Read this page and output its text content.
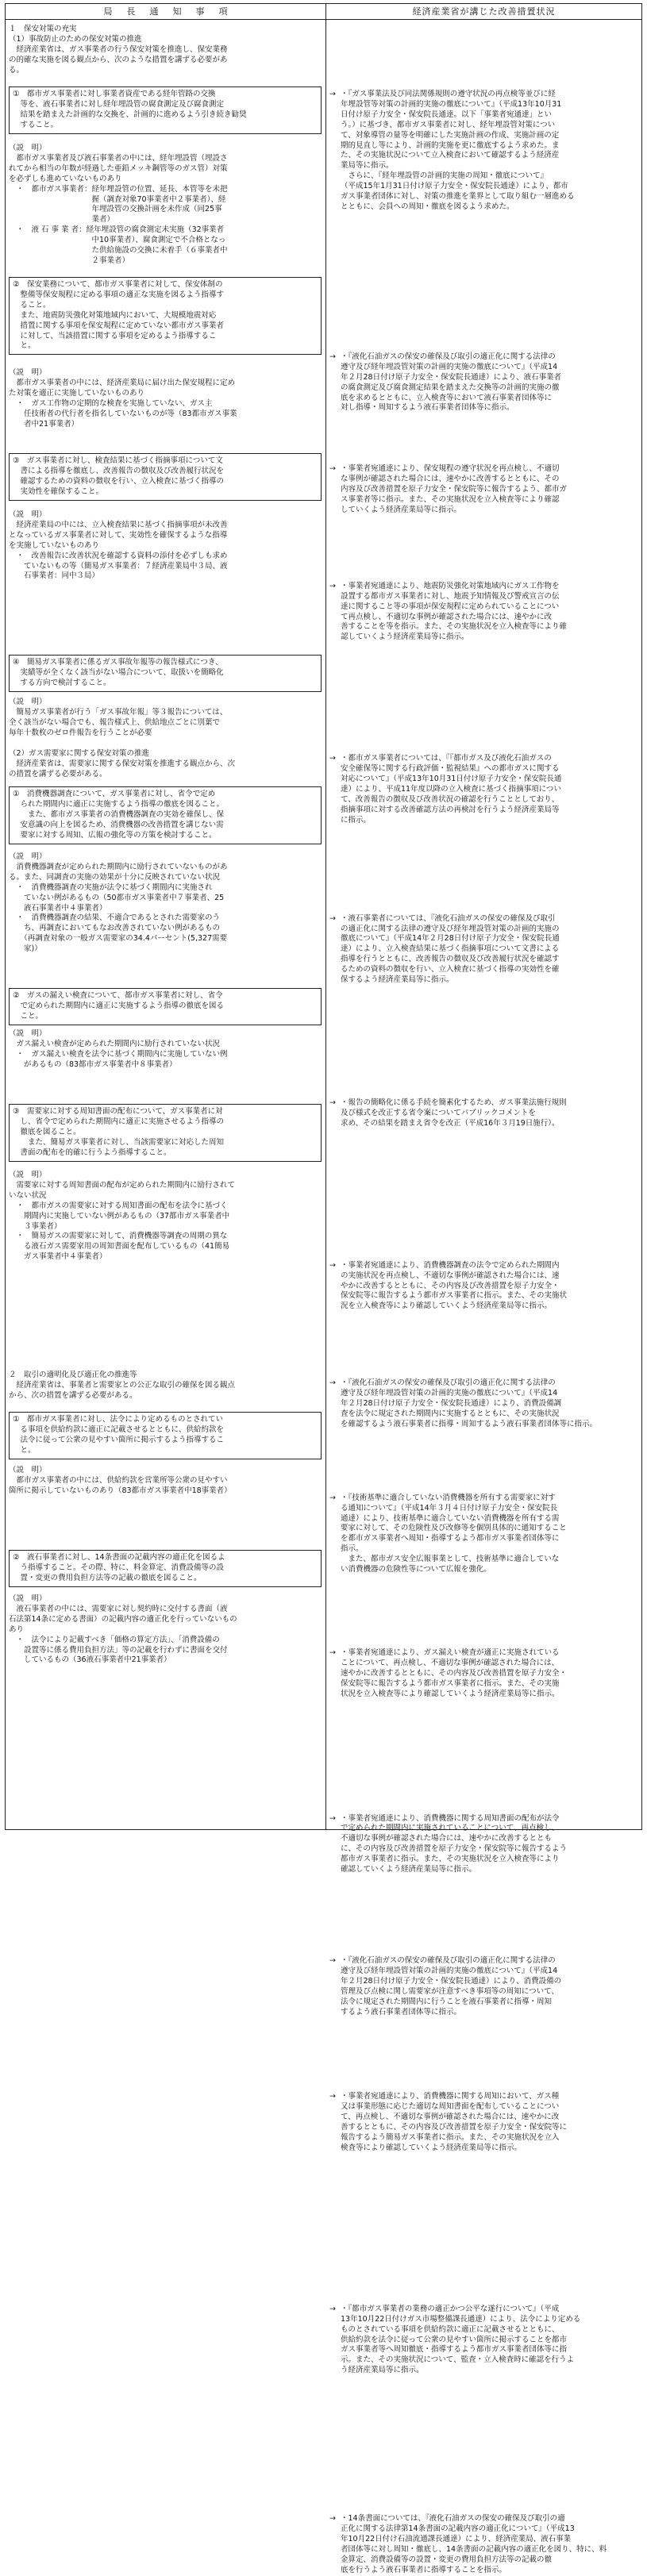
局長通知事項	経済産業省が講じた改善措置状況
１　保安対策の充実
（1）事故防止のための保安対策の推進
　経済産業省は、ガス事業者の行う保安対策を推進し、保安業務
の的確な実施を図る観点から、次のような措置を講ずる必要があ
る。
①　都市ガス事業者に対し事業者資産である経年管路の交換
　等を、液石事業者に対し経年埋設管の腐食測定及び腐食測定
　結果を踏まえた計画的な交換を、計画的に進めるよう引き続き勧奨
　すること。
（説　明）
　都市ガス事業者及び液石事業者の中には、経年埋設管（埋設さ
れてから相当の年数が経過した亜鉛メッキ鋼管等のガス管）対策
を必ずしも進めていないものあり
　・　都市ガス事業者：経年埋設管の位置、延長、本管等を未把
　　　　　　　　　　　握（調査対象70事業者中２事業者）、経
　　　　　　　　　　　年埋設管の交換計画を未作成（同25事
　　　　　　　　　　　業者）
　・　液 石 事 業 者：経年埋設管の腐食測定未実施（32事業者
　　　　　　　　　　　中10事業者）、腐食測定で不合格となっ
　　　　　　　　　　　た供給施設の交換に未着手（６事業者中
　　　　　　　　　　　２事業者）
②　保安業務について、都市ガス事業者に対して、保安体制の
　整備等保安規程に定める事項の適正な実施を図るよう指導す
　ること。
　また、地震防災強化対策地域内において、大規模地震対応
　措置に関する事項を保安規程に定めていない都市ガス事業者
　に対して、当該措置に関する事項を定めるよう指導するこ
　と。
（説　明）
　都市ガス事業者の中には、経済産業局に届け出た保安規程に定め
た対策を適正に実施していないものあり
　・　ガス工作物の定期的な検査を実施していない、ガス主
　　任技術者の代行者を指名していないものが等（83都市ガス事業
　　者中21事業者）
③　ガス事業者に対し、検査結果に基づく指摘事項について文
　書による指導を徹底し、改善報告の徴収及び改善履行状況を
　確認するための資料の徴収を行い、立入検査に基づく指導の
　実効性を確保すること。
（説　明）
　経済産業局の中には、立入検査結果に基づく指摘事項が未改善
となっているガス事業者に対して、実効性を確保するような指導
を実施していないものあり
　・　改善報告に改善状況を確認する資料の添付を必ずしも求め
　　ていないもの等（簡易ガス事業者：７経済産業局中３局、液
　　石事業者：同中３局）
④　簡易ガス事業者に係るガス事故年報等の報告様式につき、
　実績等が全くなく該当がない場合について、取扱いを簡略化
　する方向で検討すること。
（説　明）
　簡易ガス事業者が行う「ガス事故年報」等３報告については、
全く該当がない場合でも、報告様式上、供給地点ごとに別葉で
毎年十数枚のゼロ件報告を行うことが必要
（2）ガス需要家に関する保安対策の推進
　経済産業省は、需要家に関する保安対策を推進する観点から、次
の措置を講ずる必要がある。
①　消費機器調査について、ガス事業者に対し、省令で定め
　られた期間内に適正に実施するよう指導の徹底を図ること。
　　また、都市ガス事業者の消費機器調査の実効を確保し、保
　安意識の向上を図るため、消費機器の改善措置を講じない需
　要家に対する周知、広報の強化等の方策を検討すること。
（説　明）
　消費機器調査が定められた期間内に励行されていないものがあ
る。また、同調査の実施の効果が十分に反映されていない状況
　・　消費機器調査の実施が法令に基づく期間内に実施され
　　ていない例があるもの（50都市ガス事業者中７事業者、25
　　液石事業者中４事業者）
　・　消費機器調査の結果、不適合であるとされた需要家のう
　　ち、再調査においてもなお改善されていない例があるもの
　　（再調査対象の一般ガス需要家の34.4パーセント(5,327需要
　　家)）
②　ガスの漏えい検査について、都市ガス事業者に対し、省令
　で定められた期間内に適正に実施するよう指導の徹底を図る
　こと。
（説　明）
　ガス漏えい検査が定められた期間内に励行されていない状況
　・　ガス漏えい検査を法令に基づく期間内に実施していない例
　　があるもの（83都市ガス事業者中８事業者）
③　需要家に対する周知書面の配布について、ガス事業者に対
　し、省令で定められた期間内に適正に実施させるよう指導の
　徹底を図ること。
　　また、簡易ガス事業者に対し、当該需要家に対応した周知
　書面の配布を的確に行うよう指導すること。
（説　明）
　需要家に対する周知書面の配布が定められた期間内に励行されて
いない状況
　・　都市ガスの需要家に対する周知書面の配布を法令に基づく
　　期間内に実施していない例があるもの（37都市ガス事業者中
　　３事業者）
　・　簡易ガスの需要家に対して、消費機器等調査の周期の異な
　　る液石ガス需要家用の周知書面を配布しているもの（41簡易
　　ガス事業者中４事業者）
２　取引の適明化及び適正化の推進等
　経済産業省は、事業者と需要家との公正な取引の確保を図る観点
から、次の措置を講ずる必要がある。
①　都市ガス事業者に対し、法令により定めるものとされてい
　る事項を供給約款に適正に記載させるとともに、供給約款を
　法令に従って公衆の見やすい箇所に掲示するよう指導するこ
　と。
（説　明）
　都市ガス事業者の中には、供給約款を営業所等公衆の見やすい
箇所に掲示していないものあり（83都市ガス事業者中18事業者）
②　液石事業者に対し、14条書面の記載内容の適正化を図るよ
　う指導すること。その際、特に、料金算定、消費設備等の設
　置・変更の費用負担方法等の記載の徹底を図ること。
（説　明）
　液石事業者の中には、需要家に対し契約時に交付する書面（液
石法第14条に定める書面）の記載内容の適正化を行っていないもの
あり
　・　法令により記載すべき「価格の算定方法」、「消費設備の
　　設置等に係る費用負担方法」等の記載を行わずに書面を交付
　　しているもの（36液石事業者中21事業者）
→ ・『ガス事業法及び同法関係規則の遵守状況の再点検等並びに経
年埋設管等対策の計画的実施の徹底について』（平成13年10月31
日付け原子力安全・保安院長通達。以下「事業者宛通達」とい
う。）に基づき、都市ガス事業者に対し、経年埋設管対策につい
て、対象導管の量等を明確にした実施計画の作成、実施計画の定
期的見直し等により、計画的実施を更に徹底するよう求めた。ま
た、その実施状況について立入検査において確認するよう経済産
業局等に指示。
　さらに、『経年埋設管の計画的実施の周知・徹底について』
（平成15年1月31日付け原子力安全・保安院長通達）により、都市
ガス事業者団体に対し、対策の推進を業界として取り組む一層進める
とともに、会員への周知・徹底を図るよう求めた。
→ ・『液化石油ガスの保安の確保及び取引の適正化に関する法律の
遵守及び経年埋設管対策の計画的実施の徹底について』（平成14
年２月28日付け原子力安全・保安院長通達）により、液石事業者
の腐食測定及び腐食測定結果を踏まえた交換等の計画的実施の徹
底を求めるとともに、立入検査等において液石事業者団体等に
対し指導・周知するよう液石事業者団体等に指示。
→ ・事業者宛通達により、保安規程の遵守状況を再点検し、不適切
な事例が確認された場合には、速やかに改善するとともに、その
内容及び改善措置を原子力安全・保安院等に報告するよう、都市ガ
ス事業者等に指示。また、その実施状況を立入検査等により確認
していくよう経済産業局等に指示。
→ ・事業者宛通達により、地震防災強化対策地域内にガス工作物を
設置する都市ガス事業者に対し、地震予知情報及び警戒宣言の伝
達に関すること等の事項が保安規程に定められていることについ
て再点検し、不適切な事例が確認された場合には、速やかに改
善することを等を指示。また、その実施状況を立入検査等により確
認していくよう経済産業局等に指示。
→ ・都市ガス事業者については、『『都市ガス及び液化石油ガスの
安全確保等に関する行政評価・監視結果』への都市ガスに関する
対応について』（平成13年10月31日付け原子力安全・保安院長通
達）により、平成11年度以降の立入検査に基づく指摘事項につい
て、改善報告の徴収及び改善状況の確認を行うこととしており、
指摘事項に対する改善確認方法の再検討を行うよう経済産業局等
に指示。
→ ・液石事業者については、『液化石油ガスの保安の確保及び取引
の適正化に関する法律の遵守及び経年埋設管対策の計画的実施の
徹底について』（平成14年２月28日付け原子力安全・保安院長通
達）により、立入検査結果に基づく指摘事項について文書による
指導を行うとともに、改善報告の徴収及び改善履行状況を確認す
るための資料の徴収を行い、立入検査に基づく指導の実効性を確
保するよう経済産業局等に指示。
→ ・報告の簡略化に係る手続を簡素化するため、ガス事業法施行規則
及び様式を改正する省令案についてパブリックコメントを
求め、その結果を踏まえ省令を改正（平成16年３月19日施行）。
→ ・事業者宛通達により、消費機器調査の法令で定められた期間内
の実施状況を再点検し、不適切な事例が確認された場合には、速
やかに改善するとともに、その内容及び改善措置を原子力安全・
保安院等に報告するよう都市ガス事業者に指示。また、その実施状
況を立入検査等により確認していくよう経済産業局等に指示。
→ ・『液化石油ガスの保安の確保及び取引の適正化に関する法律の
遵守及び経年埋設管対策の計画的実施の徹底について』（平成14
年２月28日付け原子力安全・保安院長通達）により、消費設備調
査を法令に規定された期間内に実施するとともに、その実施状況
を確認するよう液石事業者に指導・周知するよう液石事業者団体等に指示。
→ ・『技術基準に適合していない消費機器を所有する需要家に対す
る通知について』（平成14年３月４日付け原子力安全・保安院長
通達）により、技術基準に適合していない消費機器を所有する需
要家に対して、その危険性及び改修等を個別具体的に通知すること
を都市ガス事業者へ周知・指導するよう都市ガス事業者団体等に
指示。
　また、都市ガス安全広報事業として、技術基準に適合していな
い消費機器の危険性等について広報を強化。
→ ・事業者宛通達により、ガス漏えい検査が適正に実施されている
ことについて、再点検し、不適切な事例が確認された場合には、
速やかに改善するとともに、その内容及び改善措置を原子力安全・
保安院等に報告するよう都市ガス事業者に指示。また、その実施
状況を立入検査等により確認していくよう経済産業局等に指示。
→ ・事業者宛通達により、消費機器に関する周知書面の配布が法令
で定められた期間内に実施されていることについて、再点検し、
不適切な事例が確認された場合には、速やかに改善するととも
に、その内容及び改善措置を原子力安全・保安院等に報告するよう
都市ガス事業者に指示。また、その実施状況を立入検査等により
確認していくよう経済産業局等に指示。
→ ・『液化石油ガスの保安の確保及び取引の適正化に関する法律の
遵守及び経年埋設管対策の計画的実施の徹底について』（平成14
年２月28日付け原子力安全・保安院長通達）により、消費設備の
管理及び点検に関し需要家が注意すべき事項等の周知について、
法令に規定された期間内に行うことを液石事業者に指導・周知
するよう液石事業者団体等に指示。
→ ・事業者宛通達により、消費機器に関する周知において、ガス種
又は事業形態に応じた適切な周知書面を配布していることについ
て、再点検し、不適切な事例が確認された場合には、速やかに改
善するとともに、その内容及び改善措置を原子力安全・保安院等に
報告するよう簡易ガス事業者に指示。また、その実施状況を立入
検査等により確認していくよう経済産業局等に指示。
→ ・『都市ガス事業者の業務の適正かつ公平な遂行について』（平成
13年10月22日付けガス市場整備課長通達）により、法令により定める
ものとされている事項を供給約款に適正に記載させるとともに、
供給約款を法令に従って公衆の見やすい箇所に掲示することを都市
ガス事業者等へ周知徹底・指導するよう都市ガス事業者団体等に指
示。また、その実施状況について、監査・立入検査時に確認を行うよ
う経済産業局等に指示。
→ ・14条書面については、『液化石油ガスの保安の確保及び取引の適
正化に関する法律第14条書面の記載内容の適正化について』（平成13
年10月22日付け石油流通課長通達）により、経済産業局、液石事業
者団体等に対し周知・徹底し、14条書面の記載内容の適正化を図り、特に、料
金算定、消費設備等の設置・変更の費用負担方法等の記載の徹
底を行うよう液石事業者に指導することを指示。
